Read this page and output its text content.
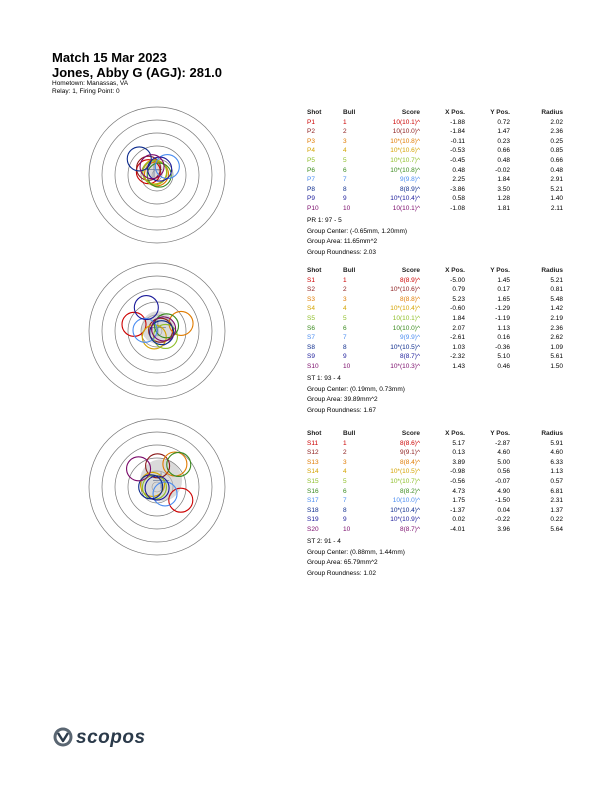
Match 15 Mar 2023
Jones, Abby G (AGJ): 281.0
Hometown: Manassas, VA
Relay: 1, Firing Point: 0
Shot	Bull	Score	X Pos.	Y Pos.	Radius
P1	1	10(10.1)^	-1.88	0.72	2.02
P2	2	10(10.0)^	-1.84	1.47	2.36
P3	3	10*(10.8)^	-0.11	0.23	0.25
P4	4	10*(10.6)^	-0.53	0.66	0.85
P5	5	10*(10.7)^	-0.45	0.48	0.66
P6	6	10*(10.8)^	0.48	-0.02	0.48
P7	7	9(9.8)^	2.25	1.84	2.91
P8	8	8(8.9)^	-3.86	3.50	5.21
P9	9	10*(10.4)^	0.58	1.28	1.40
P10	10	10(10.1)^	-1.08	1.81	2.11
Shot	Bull	Score	X Pos.	Y Pos.	Radius
S1	1	8(8.9)^	-5.00	1.45	5.21
S2	2	10*(10.6)^	0.79	0.17	0.81
S3	3	8(8.8)^	5.23	1.65	5.48
S4	4	10*(10.4)^	-0.60	-1.29	1.42
S5	5	10(10.1)^	1.84	-1.19	2.19
S6	6	10(10.0)^	2.07	1.13	2.36
S7	7	9(9.9)^	-2.61	0.16	2.62
S8	8	10*(10.5)^	1.03	-0.36	1.09
S9	9	8(8.7)^	-2.32	5.10	5.61
S10	10	10*(10.3)^	1.43	0.46	1.50
Shot	Bull	Score	X Pos.	Y Pos.	Radius
S11	1	8(8.6)^	5.17	-2.87	5.91
S12	2	9(9.1)^	0.13	4.60	4.60
S13	3	8(8.4)^	3.89	5.00	6.33
S14	4	10*(10.5)^	-0.98	0.56	1.13
S15	5	10*(10.7)^	-0.56	-0.07	0.57
S16	6	8(8.2)^	4.73	4.90	6.81
S17	7	10(10.0)^	1.75	-1.50	2.31
S18	8	10*(10.4)^	-1.37	0.04	1.37
S19	9	10*(10.9)^	0.02	-0.22	0.22
S20	10	8(8.7)^	-4.01	3.96	5.64
PR 1: 97 - 5
Group Center: (-0.65mm, 1.20mm)
Group Area: 11.65mm^2
Group Roundness: 2.03
ST 1: 93 - 4
Group Center: (0.19mm, 0.73mm)
Group Area: 39.89mm^2
Group Roundness: 1.67
ST 2: 91 - 4
Group Center: (0.88mm, 1.44mm)
Group Area: 65.79mm^2
Group Roundness: 1.02
scopos
